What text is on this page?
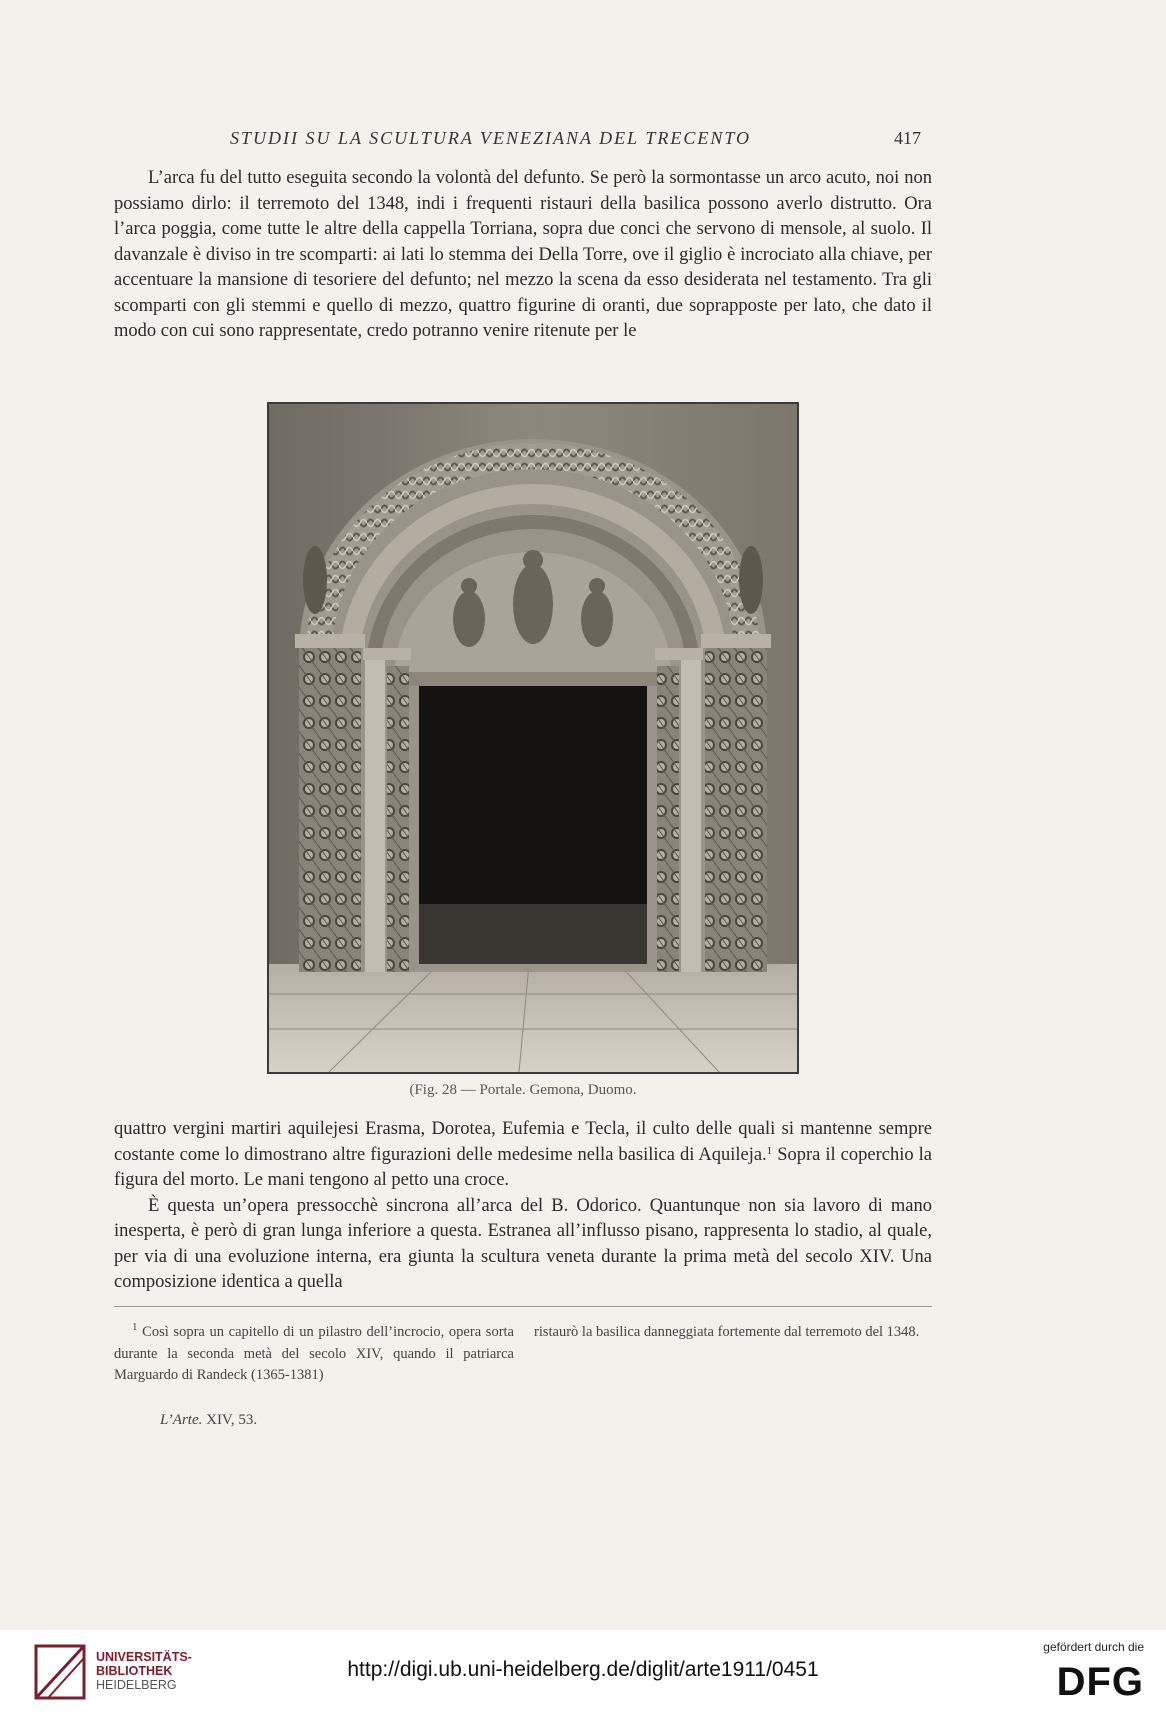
STUDII SU LA SCULTURA VENEZIANA DEL TRECENTO	417

L’arca fu del tutto eseguita secondo la volontà del defunto. Se però la sormontasse un arco acuto, noi non possiamo dirlo: il terremoto del 1348, indi i frequenti ristauri della basilica possono averlo distrutto. Ora l’arca poggia, come tutte le altre della cappella Torriana, sopra due conci che servono di mensole, al suolo. Il davanzale è diviso in tre scomparti: ai lati lo stemma dei Della Torre, ove il giglio è incrociato alla chiave, per accentuare la mansione di tesoriere del defunto; nel mezzo la scena da esso desiderata nel testamento. Tra gli scomparti con gli stemmi e quello di mezzo, quattro figurine di oranti, due soprapposte per lato, che dato il modo con cui sono rappresentate, credo potranno venire ritenute per le

(Fig. 28 — Portale. Gemona, Duomo.

quattro vergini martiri aquilejesi Erasma, Dorotea, Eufemia e Tecla, il culto delle quali si mantenne sempre costante come lo dimostrano altre figurazioni delle medesime nella basilica di Aquileja.$^1$ Sopra il coperchio la figura del morto. Le mani tengono al petto una croce.

È questa un’opera pressocchè sincrona all’arca del B. Odorico. Quantunque non sia lavoro di mano inesperta, è però di gran lunga inferiore a questa. Estranea all’influsso pisano, rappresenta lo stadio, al quale, per via di una evoluzione interna, era giunta la scultura veneta durante la prima metà del secolo XIV. Una composizione identica a quella

$^1$ Così sopra un capitello di un pilastro dell’incrocio, opera sorta durante la seconda metà del secolo XIV, quando il patriarca Marguardo di Randeck (1365-1381)
ristaurò la basilica danneggiata fortemente dal terremoto del 1348.
L’Arte. XIV, 53.
UNIVERSITÄTS-
BIBLIOTHEK
HEIDELBERG
http://digi.ub.uni-heidelberg.de/diglit/arte1911/0451
gefördert durch die
DFG
